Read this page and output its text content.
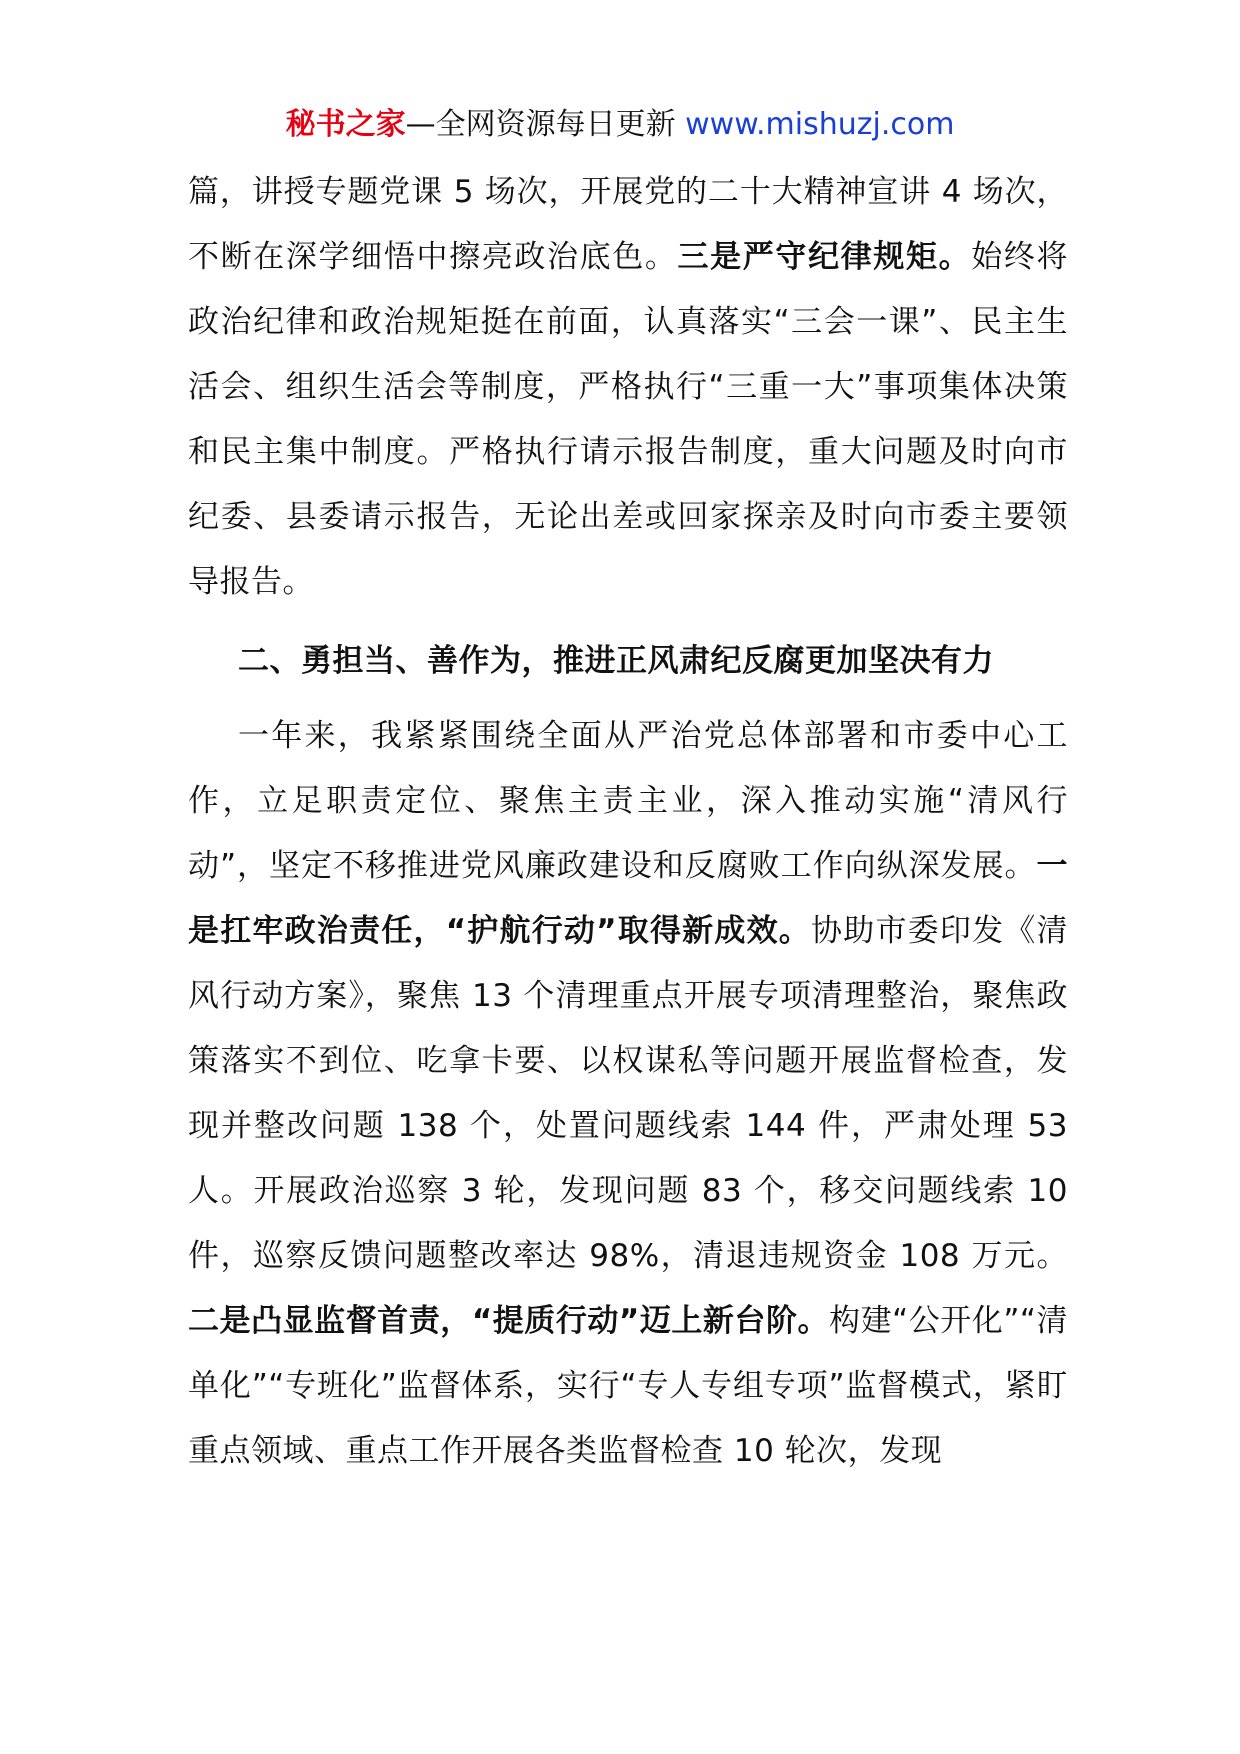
秘书之家—全网资源每日更新 www.mishuzj.com

篇，讲授专题党课 5 场次，开展党的二十大精神宣讲 4 场次，不断在深学细悟中擦亮政治底色。三是严守纪律规矩。始终将政治纪律和政治规矩挺在前面，认真落实“三会一课”、民主生活会、组织生活会等制度，严格执行“三重一大”事项集体决策和民主集中制度。严格执行请示报告制度，重大问题及时向市纪委、县委请示报告，无论出差或回家探亲及时向市委主要领导报告。

二、勇担当、善作为，推进正风肃纪反腐更加坚决有力

一年来，我紧紧围绕全面从严治党总体部署和市委中心工作，立足职责定位、聚焦主责主业，深入推动实施“清风行动”，坚定不移推进党风廉政建设和反腐败工作向纵深发展。一是扛牢政治责任，“护航行动”取得新成效。协助市委印发《清风行动方案》，聚焦 13 个清理重点开展专项清理整治，聚焦政策落实不到位、吃拿卡要、以权谋私等问题开展监督检查，发现并整改问题 138 个，处置问题线索 144 件，严肃处理 53 人。开展政治巡察 3 轮，发现问题 83 个，移交问题线索 10 件，巡察反馈问题整改率达 98%，清退违规资金 108 万元。二是凸显监督首责，“提质行动”迈上新台阶。构建“公开化”“清单化”“专班化”监督体系，实行“专人专组专项”监督模式，紧盯重点领域、重点工作开展各类监督检查 10 轮次，发现
